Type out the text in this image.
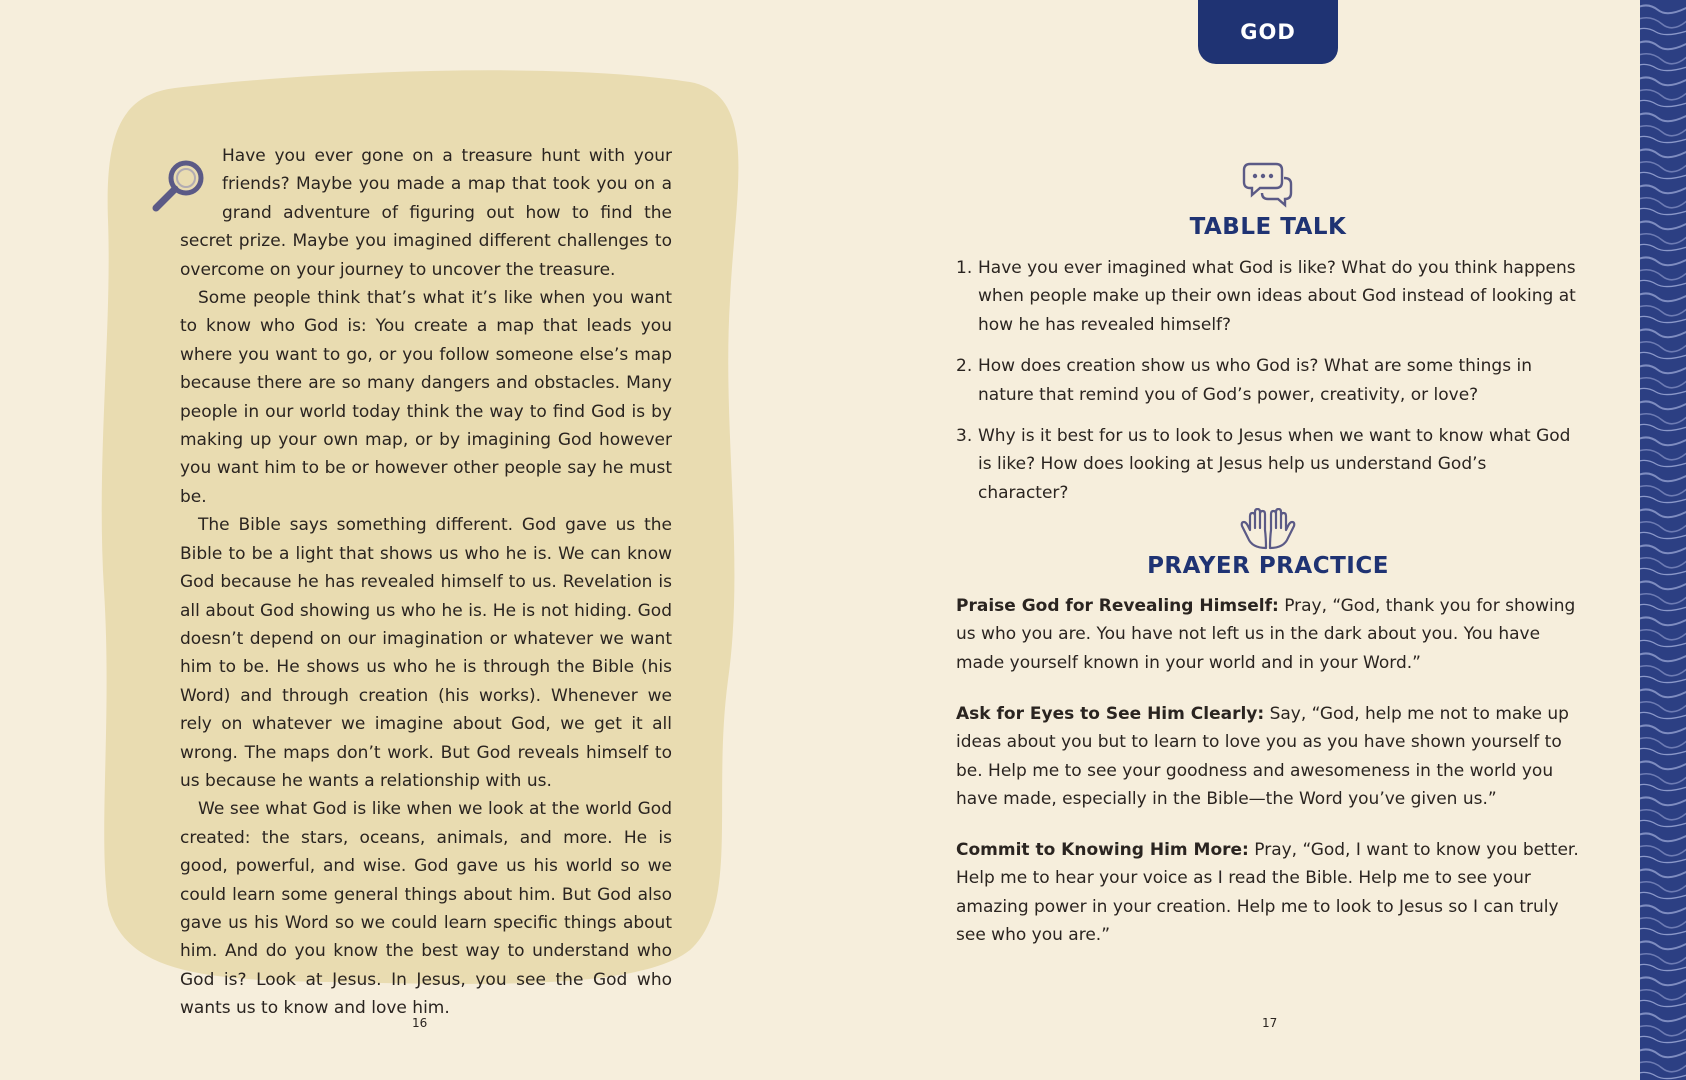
Have you ever gone on a treasure hunt with your friends? Maybe you made a map that took you on a grand adventure of figuring out how to find the secret prize. Maybe you imagined different challenges to overcome on your journey to uncover the treasure.

Some people think that’s what it’s like when you want to know who God is: You create a map that leads you where you want to go, or you follow someone else’s map because there are so many dangers and obstacles. Many people in our world today think the way to find God is by making up your own map, or by imagining God however you want him to be or however other people say he must be.

The Bible says something different. God gave us the Bible to be a light that shows us who he is. We can know God because he has revealed himself to us. Revelation is all about God showing us who he is. He is not hiding. God doesn’t depend on our imagination or whatever we want him to be. He shows us who he is through the Bible (his Word) and through creation (his works). Whenever we rely on whatever we imagine about God, we get it all wrong. The maps don’t work. But God reveals himself to us because he wants a relationship with us.

We see what God is like when we look at the world God created: the stars, oceans, animals, and more. He is good, powerful, and wise. God gave us his world so we could learn some general things about him. But God also gave us his Word so we could learn specific things about him. And do you know the best way to understand who God is? Look at Jesus. In Jesus, you see the God who wants us to know and love him.

16
GOD
TABLE TALK
1. Have you ever imagined what God is like? What do you think happens when people make up their own ideas about God instead of looking at how he has revealed himself?
2. How does creation show us who God is? What are some things in nature that remind you of God’s power, creativity, or love?
3. Why is it best for us to look to Jesus when we want to know what God is like? How does looking at Jesus help us understand God’s character?
PRAYER PRACTICE

Praise God for Revealing Himself: Pray, “God, thank you for showing us who you are. You have not left us in the dark about you. You have made yourself known in your world and in your Word.”

Ask for Eyes to See Him Clearly: Say, “God, help me not to make up ideas about you but to learn to love you as you have shown yourself to be. Help me to see your goodness and awesomeness in the world you have made, especially in the Bible—the Word you’ve given us.”

Commit to Knowing Him More: Pray, “God, I want to know you better. Help me to hear your voice as I read the Bible. Help me to see your amazing power in your creation. Help me to look to Jesus so I can truly see who you are.”

17
